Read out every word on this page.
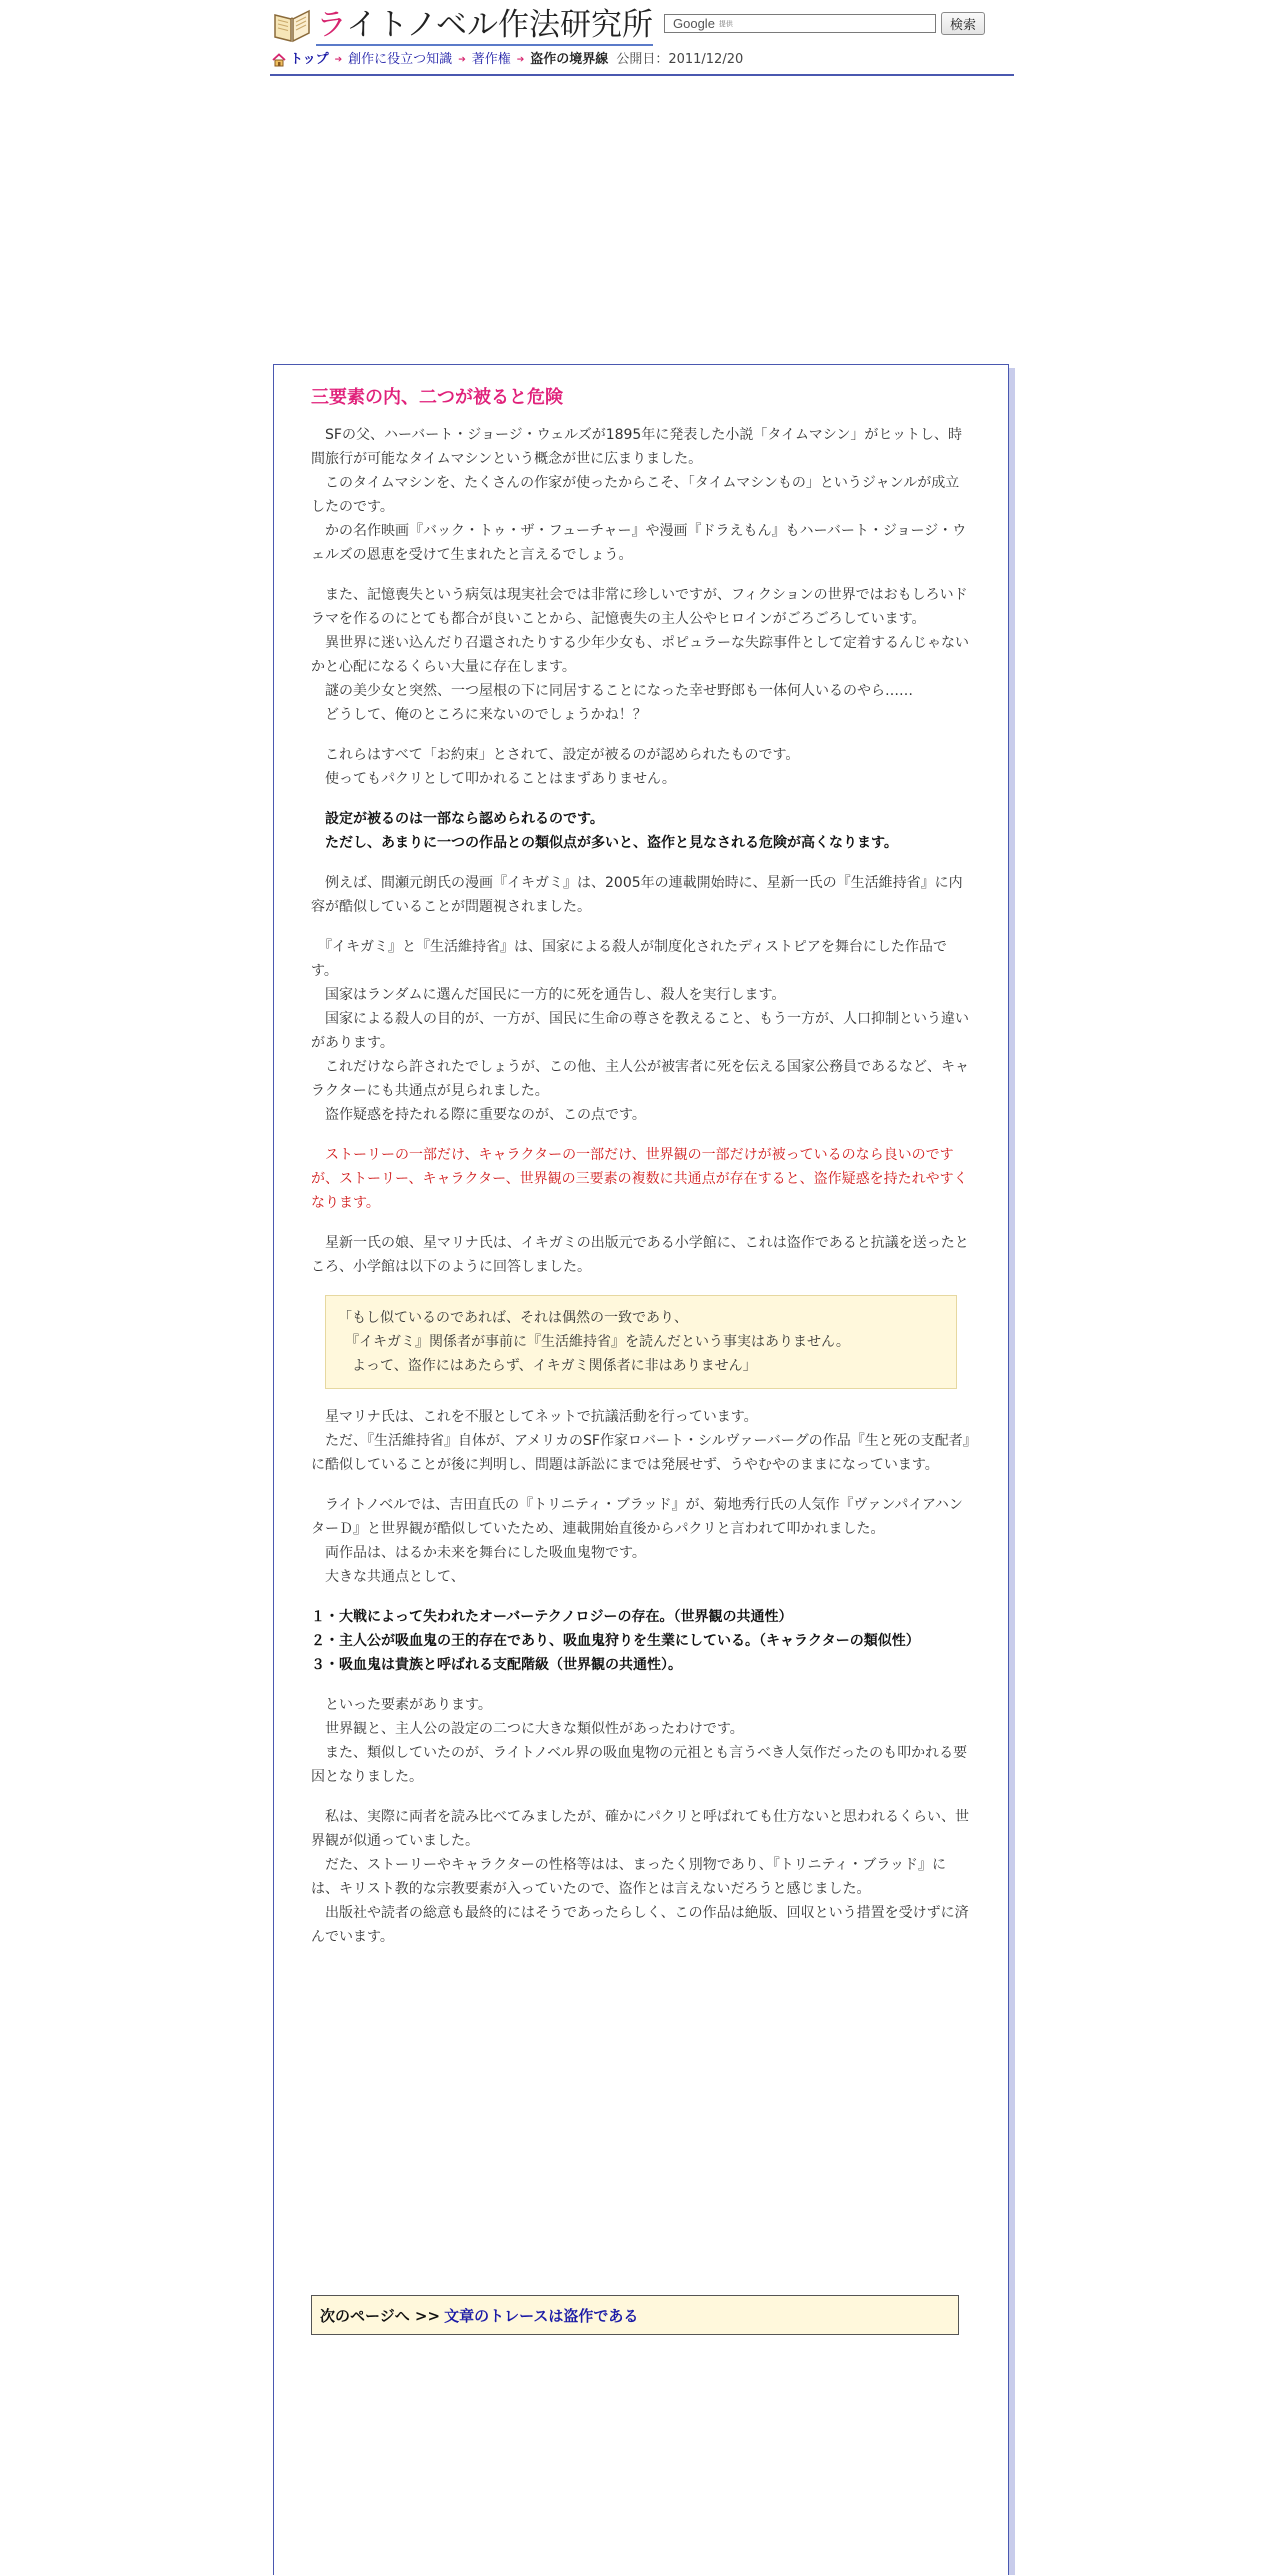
ライトノベル作法研究所 Google 提供	検索
トップ ➔ 創作に役立つ知識 ➔ 著作権 ➔ 盗作の境界線 公開日：2011/12/20
三要素の内、二つが被ると危険

　SFの父、ハーバート・ジョージ・ウェルズが1895年に発表した小説「タイムマシン」がヒットし、時間旅行が可能なタイムマシンという概念が世に広まりました。
　このタイムマシンを、たくさんの作家が使ったからこそ、「タイムマシンもの」というジャンルが成立したのです。
　かの名作映画『バック・トゥ・ザ・フューチャー』や漫画『ドラえもん』もハーバート・ジョージ・ウェルズの恩恵を受けて生まれたと言えるでしょう。

　また、記憶喪失という病気は現実社会では非常に珍しいですが、フィクションの世界ではおもしろいドラマを作るのにとても都合が良いことから、記憶喪失の主人公やヒロインがごろごろしています。
　異世界に迷い込んだり召還されたりする少年少女も、ポピュラーな失踪事件として定着するんじゃないかと心配になるくらい大量に存在します。
　謎の美少女と突然、一つ屋根の下に同居することになった幸せ野郎も一体何人いるのやら……
　どうして、俺のところに来ないのでしょうかね！？

　これらはすべて「お約束」とされて、設定が被るのが認められたものです。
　使ってもパクリとして叩かれることはまずありません。

　設定が被るのは一部なら認められるのです。
　ただし、あまりに一つの作品との類似点が多いと、盗作と見なされる危険が高くなります。

　例えば、間瀬元朗氏の漫画『イキガミ』は、2005年の連載開始時に、星新一氏の『生活維持省』に内容が酷似していることが問題視されました。

　『イキガミ』と『生活維持省』は、国家による殺人が制度化されたディストピアを舞台にした作品です。
　国家はランダムに選んだ国民に一方的に死を通告し、殺人を実行します。
　国家による殺人の目的が、一方が、国民に生命の尊さを教えること、もう一方が、人口抑制という違いがあります。
　これだけなら許されたでしょうが、この他、主人公が被害者に死を伝える国家公務員であるなど、キャラクターにも共通点が見られました。
　盗作疑惑を持たれる際に重要なのが、この点です。

　ストーリーの一部だけ、キャラクターの一部だけ、世界観の一部だけが被っているのなら良いのですが、ストーリー、キャラクター、世界観の三要素の複数に共通点が存在すると、盗作疑惑を持たれやすくなります。

　星新一氏の娘、星マリナ氏は、イキガミの出版元である小学館に、これは盗作であると抗議を送ったところ、小学館は以下のように回答しました。

「もし似ているのであれば、それは偶然の一致であり、
　『イキガミ』関係者が事前に『生活維持省』を読んだという事実はありません。
　よって、盗作にはあたらず、イキガミ関係者に非はありません」

　星マリナ氏は、これを不服としてネットで抗議活動を行っています。
　ただ、『生活維持省』自体が、アメリカのSF作家ロバート・シルヴァーバーグの作品『生と死の支配者』に酷似していることが後に判明し、問題は訴訟にまでは発展せず、うやむやのままになっています。

　ライトノベルでは、吉田直氏の『トリニティ・ブラッド』が、菊地秀行氏の人気作『ヴァンパイアハンターＤ』と世界観が酷似していたため、連載開始直後からパクリと言われて叩かれました。
　両作品は、はるか未来を舞台にした吸血鬼物です。
　大きな共通点として、

１・大戦によって失われたオーバーテクノロジーの存在。（世界観の共通性）
２・主人公が吸血鬼の王的存在であり、吸血鬼狩りを生業にしている。（キャラクターの類似性）
３・吸血鬼は貴族と呼ばれる支配階級（世界観の共通性）。

　といった要素があります。
　世界観と、主人公の設定の二つに大きな類似性があったわけです。
　また、類似していたのが、ライトノベル界の吸血鬼物の元祖とも言うべき人気作だったのも叩かれる要因となりました。

　私は、実際に両者を読み比べてみましたが、確かにパクリと呼ばれても仕方ないと思われるくらい、世界観が似通っていました。
　だた、ストーリーやキャラクターの性格等はは、まったく別物であり、『トリニティ・ブラッド』には、キリスト教的な宗教要素が入っていたので、盗作とは言えないだろうと感じました。
　出版社や読者の総意も最終的にはそうであったらしく、この作品は絶版、回収という措置を受けずに済んでいます。

次のページへ >> 文章のトレースは盗作である
